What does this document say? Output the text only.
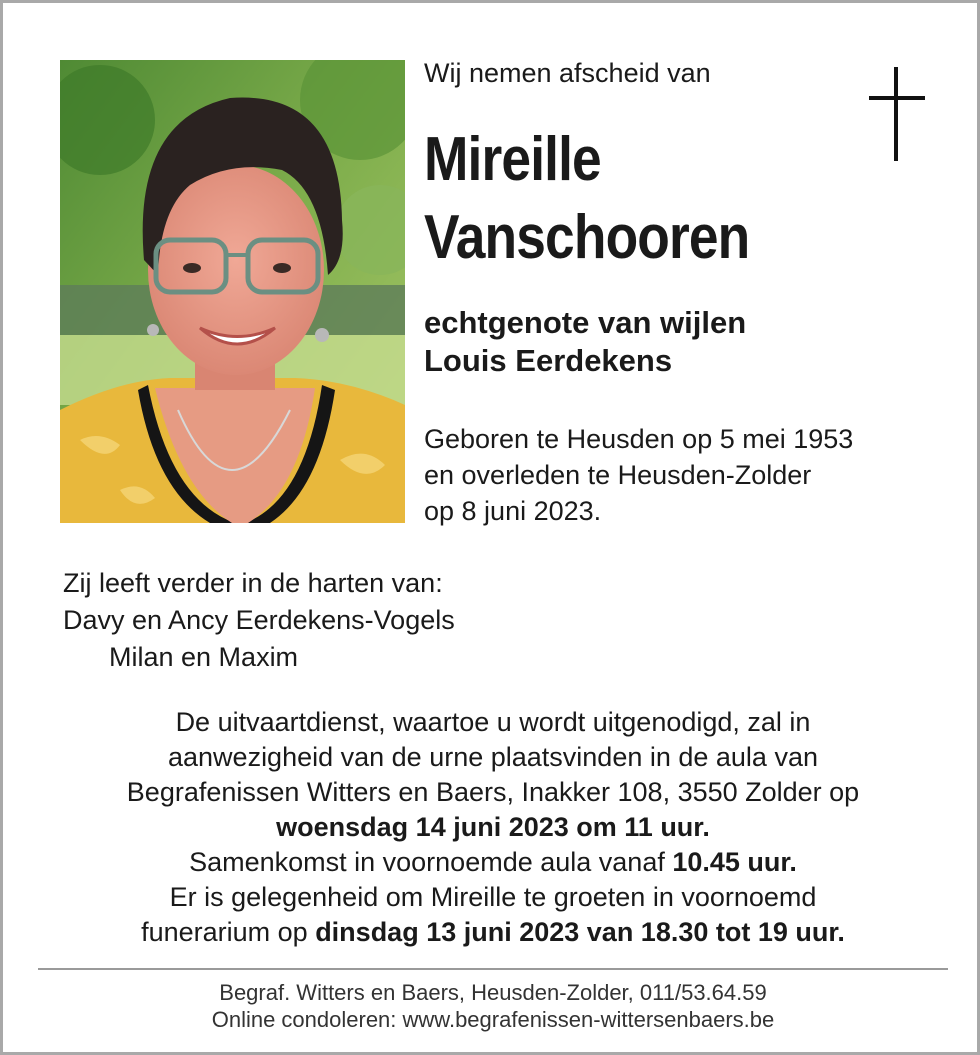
Wij nemen afscheid van
Mireille
Vanschooren
echtgenote van wijlen
Louis Eerdekens
Geboren te Heusden op 5 mei 1953
en overleden te Heusden-Zolder
op 8 juni 2023.
Zij leeft verder in de harten van:
Davy en Ancy Eerdekens-Vogels
Milan en Maxim
De uitvaartdienst, waartoe u wordt uitgenodigd, zal in
aanwezigheid van de urne plaatsvinden in de aula van
Begrafenissen Witters en Baers, Inakker 108, 3550 Zolder op
woensdag 14 juni 2023 om 11 uur.
Samenkomst in voornoemde aula vanaf 10.45 uur.
Er is gelegenheid om Mireille te groeten in voornoemd
funerarium op dinsdag 13 juni 2023 van 18.30 tot 19 uur.
Begraf. Witters en Baers, Heusden-Zolder, 011/53.64.59
Online condoleren: www.begrafenissen-wittersenbaers.be
